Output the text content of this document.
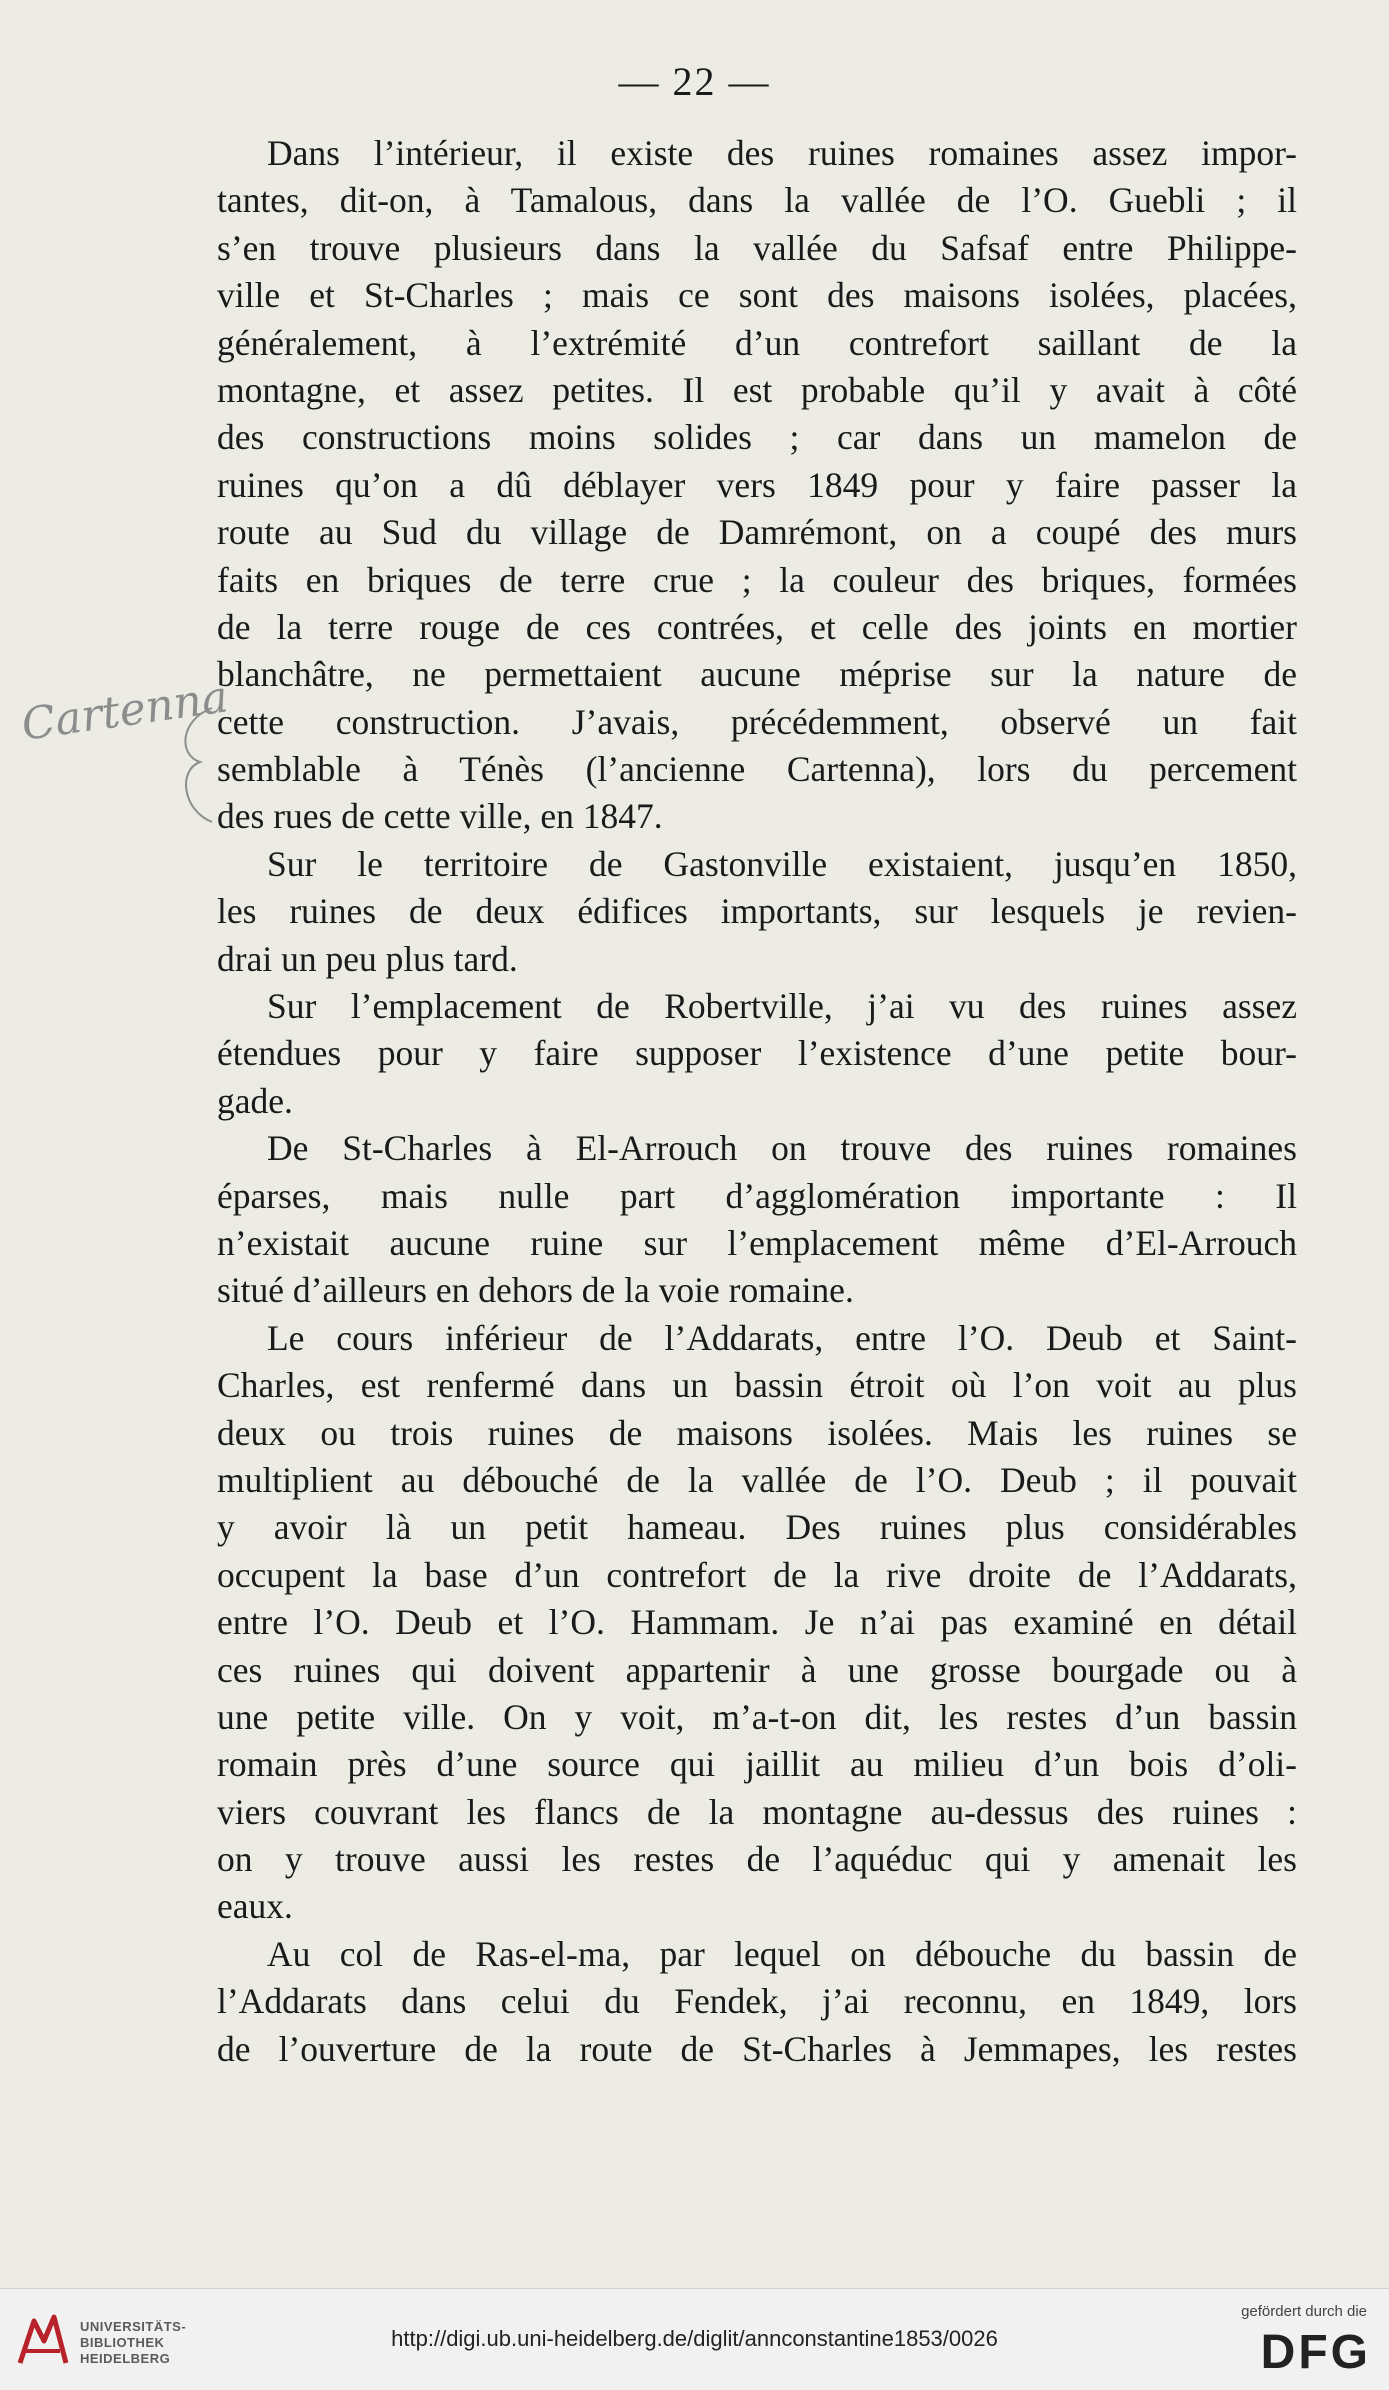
— 22 —
Cartenna
Dans l’intérieur, il existe des ruines romaines assez impor-
tantes, dit-on, à Tamalous, dans la vallée de l’O. Guebli ; il
s’en trouve plusieurs dans la vallée du Safsaf entre Philippe-
ville et St-Charles ; mais ce sont des maisons isolées, placées,
généralement, à l’extrémité d’un contrefort saillant de la
montagne, et assez petites. Il est probable qu’il y avait à côté
des constructions moins solides ; car dans un mamelon de
ruines qu’on a dû déblayer vers 1849 pour y faire passer la
route au Sud du village de Damrémont, on a coupé des murs
faits en briques de terre crue ; la couleur des briques, formées
de la terre rouge de ces contrées, et celle des joints en mortier
blanchâtre, ne permettaient aucune méprise sur la nature de
cette construction. J’avais, précédemment, observé un fait
semblable à Ténès (l’ancienne Cartenna), lors du percement
des rues de cette ville, en 1847.
Sur le territoire de Gastonville existaient, jusqu’en 1850,
les ruines de deux édifices importants, sur lesquels je revien-
drai un peu plus tard.
Sur l’emplacement de Robertville, j’ai vu des ruines assez
étendues pour y faire supposer l’existence d’une petite bour-
gade.
De St-Charles à El-Arrouch on trouve des ruines romaines
éparses, mais nulle part d’agglomération importante : Il
n’existait aucune ruine sur l’emplacement même d’El-Arrouch
situé d’ailleurs en dehors de la voie romaine.
Le cours inférieur de l’Addarats, entre l’O. Deub et Saint-
Charles, est renfermé dans un bassin étroit où l’on voit au plus
deux ou trois ruines de maisons isolées. Mais les ruines se
multiplient au débouché de la vallée de l’O. Deub ; il pouvait
y avoir là un petit hameau. Des ruines plus considérables
occupent la base d’un contrefort de la rive droite de l’Addarats,
entre l’O. Deub et l’O. Hammam. Je n’ai pas examiné en détail
ces ruines qui doivent appartenir à une grosse bourgade ou à
une petite ville. On y voit, m’a-t-on dit, les restes d’un bassin
romain près d’une source qui jaillit au milieu d’un bois d’oli-
viers couvrant les flancs de la montagne au-dessus des ruines :
on y trouve aussi les restes de l’aquéduc qui y amenait les
eaux.
Au col de Ras-el-ma, par lequel on débouche du bassin de
l’Addarats dans celui du Fendek, j’ai reconnu, en 1849, lors
de l’ouverture de la route de St-Charles à Jemmapes, les restes
UNIVERSITÄTS-
BIBLIOTHEK
HEIDELBERG
http://digi.ub.uni-heidelberg.de/diglit/annconstantine1853/0026
gefördert durch die
DFG
